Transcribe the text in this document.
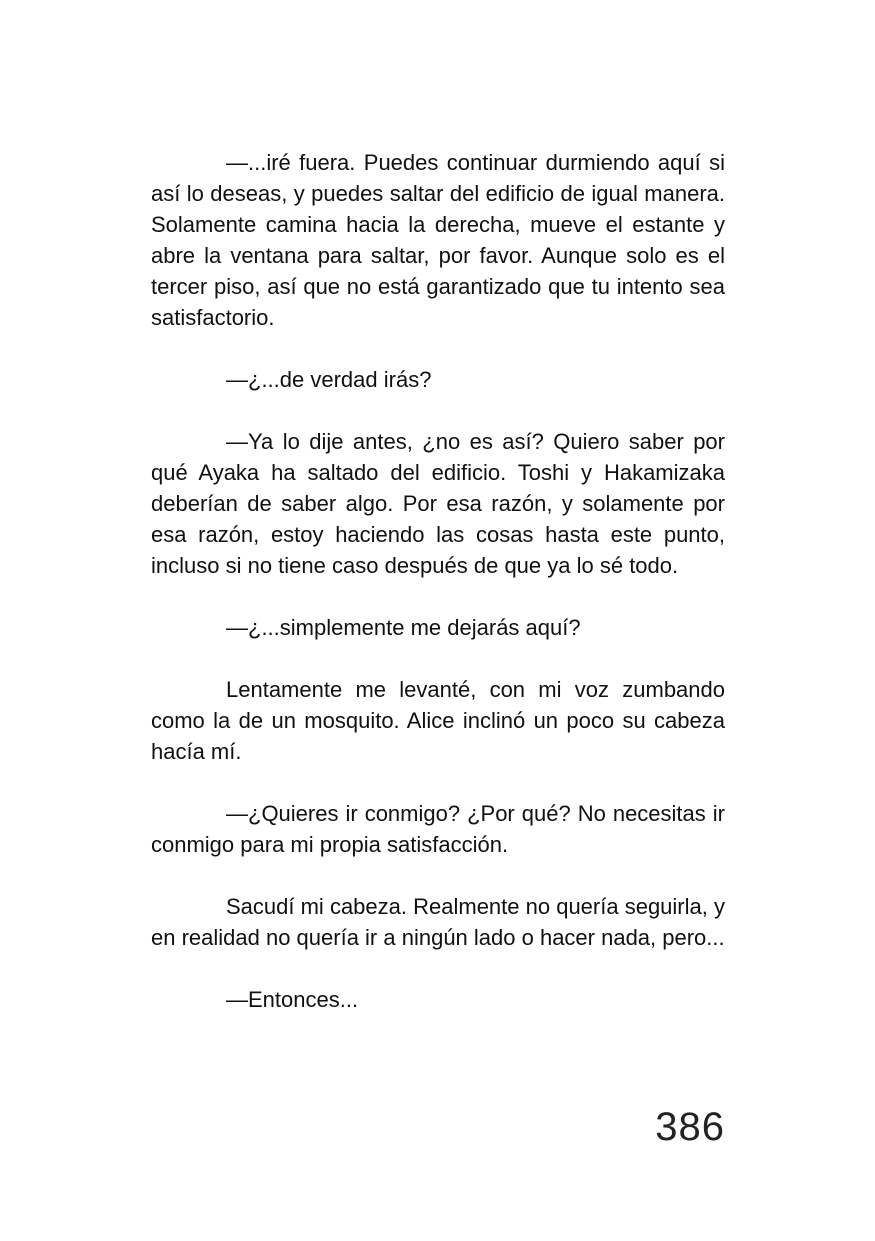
—...iré fuera. Puedes continuar durmiendo aquí si así lo deseas, y puedes saltar del edificio de igual manera. Solamente camina hacia la derecha, mueve el estante y abre la ventana para saltar, por favor. Aunque solo es el tercer piso, así que no está garantizado que tu intento sea satisfactorio.

—¿...de verdad irás?

—Ya lo dije antes, ¿no es así? Quiero saber por qué Ayaka ha saltado del edificio. Toshi y Hakamizaka deberían de saber algo. Por esa razón, y solamente por esa razón, estoy haciendo las cosas hasta este punto, incluso si no tiene caso después de que ya lo sé todo.

—¿...simplemente me dejarás aquí?

Lentamente me levanté, con mi voz zumbando como la de un mosquito. Alice inclinó un poco su cabeza hacía mí.

—¿Quieres ir conmigo? ¿Por qué? No necesitas ir conmigo para mi propia satisfacción.

Sacudí mi cabeza. Realmente no quería seguirla, y en realidad no quería ir a ningún lado o hacer nada, pero...

—Entonces...

386
